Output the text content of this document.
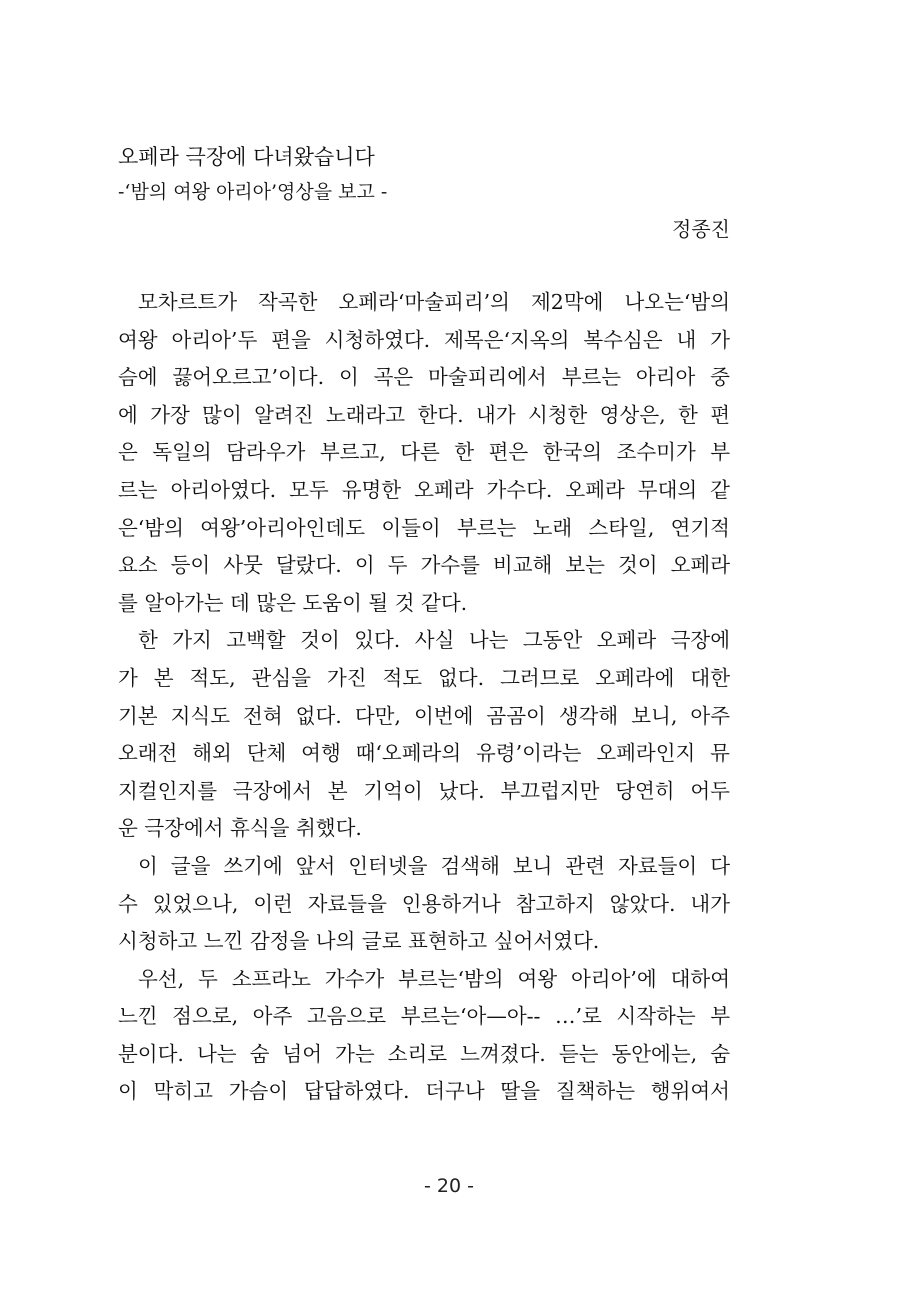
오페라 극장에 다녀왔습니다
-‘밤의 여왕 아리아’영상을 보고 -
정종진
모차르트가 작곡한 오페라‘마술피리’의 제2막에 나오는‘밤의
여왕 아리아’두 편을 시청하였다. 제목은‘지옥의 복수심은 내 가
슴에 끓어오르고’이다. 이 곡은 마술피리에서 부르는 아리아 중
에 가장 많이 알려진 노래라고 한다. 내가 시청한 영상은, 한 편
은 독일의 담라우가 부르고, 다른 한 편은 한국의 조수미가 부
르는 아리아였다. 모두 유명한 오페라 가수다. 오페라 무대의 같
은‘밤의 여왕’아리아인데도 이들이 부르는 노래 스타일, 연기적
요소 등이 사뭇 달랐다. 이 두 가수를 비교해 보는 것이 오페라
를 알아가는 데 많은 도움이 될 것 같다.
한 가지 고백할 것이 있다. 사실 나는 그동안 오페라 극장에
가 본 적도, 관심을 가진 적도 없다. 그러므로 오페라에 대한
기본 지식도 전혀 없다. 다만, 이번에 곰곰이 생각해 보니, 아주
오래전 해외 단체 여행 때‘오페라의 유령’이라는 오페라인지 뮤
지컬인지를 극장에서 본 기억이 났다. 부끄럽지만 당연히 어두
운 극장에서 휴식을 취했다.
이 글을 쓰기에 앞서 인터넷을 검색해 보니 관련 자료들이 다
수 있었으나, 이런 자료들을 인용하거나 참고하지 않았다. 내가
시청하고 느낀 감정을 나의 글로 표현하고 싶어서였다.
우선, 두 소프라노 가수가 부르는‘밤의 여왕 아리아’에 대하여
느낀 점으로, 아주 고음으로 부르는‘아—아-- …’로 시작하는 부
분이다. 나는 숨 넘어 가는 소리로 느껴졌다. 듣는 동안에는, 숨
이 막히고 가슴이 답답하였다. 더구나 딸을 질책하는 행위여서
- 20 -
